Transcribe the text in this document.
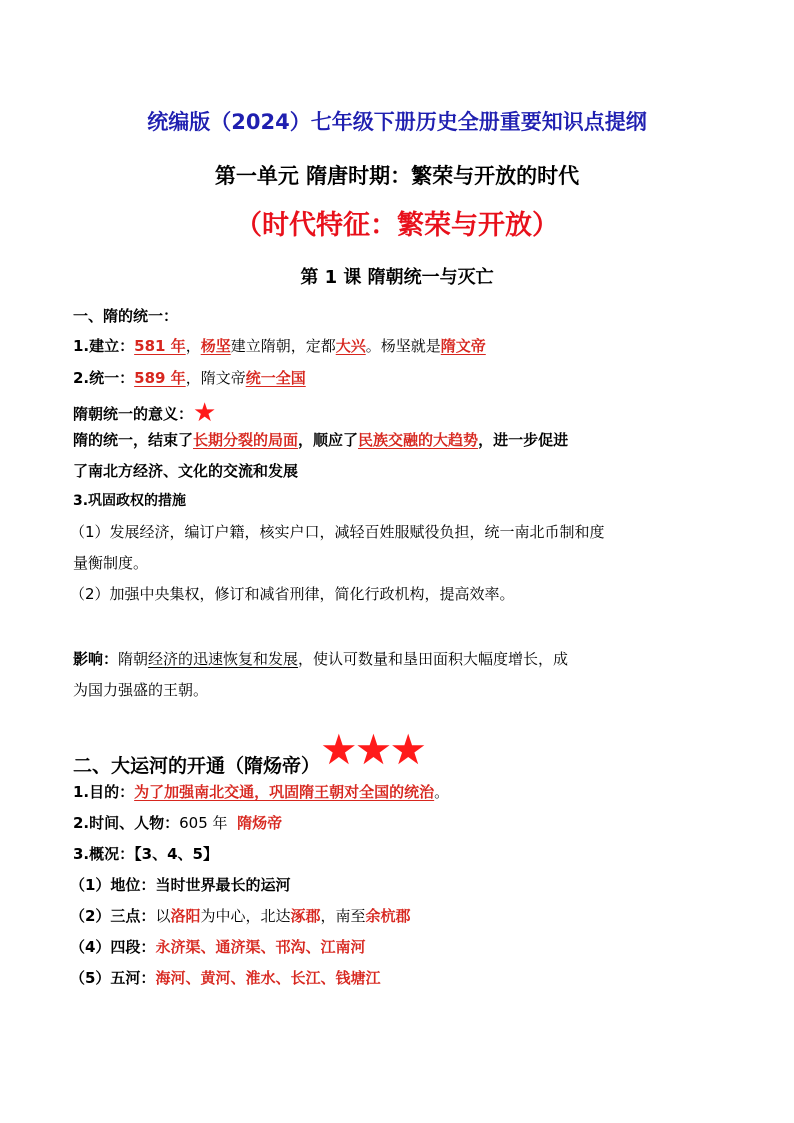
统编版（2024）七年级下册历史全册重要知识点提纲
第一单元 隋唐时期：繁荣与开放的时代
（时代特征：繁荣与开放）
第 1 课 隋朝统一与灭亡
一、隋的统一：
1.建立：581 年，杨坚建立隋朝，定都大兴。杨坚就是隋文帝
2.统一：589 年，隋文帝统一全国
隋朝统一的意义：★
隋的统一，结束了长期分裂的局面，顺应了民族交融的大趋势，进一步促进
了南北方经济、文化的交流和发展
3.巩固政权的措施
（1）发展经济，编订户籍，核实户口，减轻百姓服赋役负担，统一南北币制和度
量衡制度。
（2）加强中央集权，修订和减省刑律，简化行政机构，提高效率。
影响：隋朝经济的迅速恢复和发展，使认可数量和垦田面积大幅度增长，成
为国力强盛的王朝。
二、大运河的开通（隋炀帝）★★★
1.目的：为了加强南北交通，巩固隋王朝对全国的统治。
2.时间、人物：605 年 隋炀帝
3.概况：【3、4、5】
（1）地位：当时世界最长的运河
（2）三点：以洛阳为中心，北达涿郡，南至余杭郡
（4）四段：永济渠、通济渠、邗沟、江南河
（5）五河：海河、黄河、淮水、长江、钱塘江
